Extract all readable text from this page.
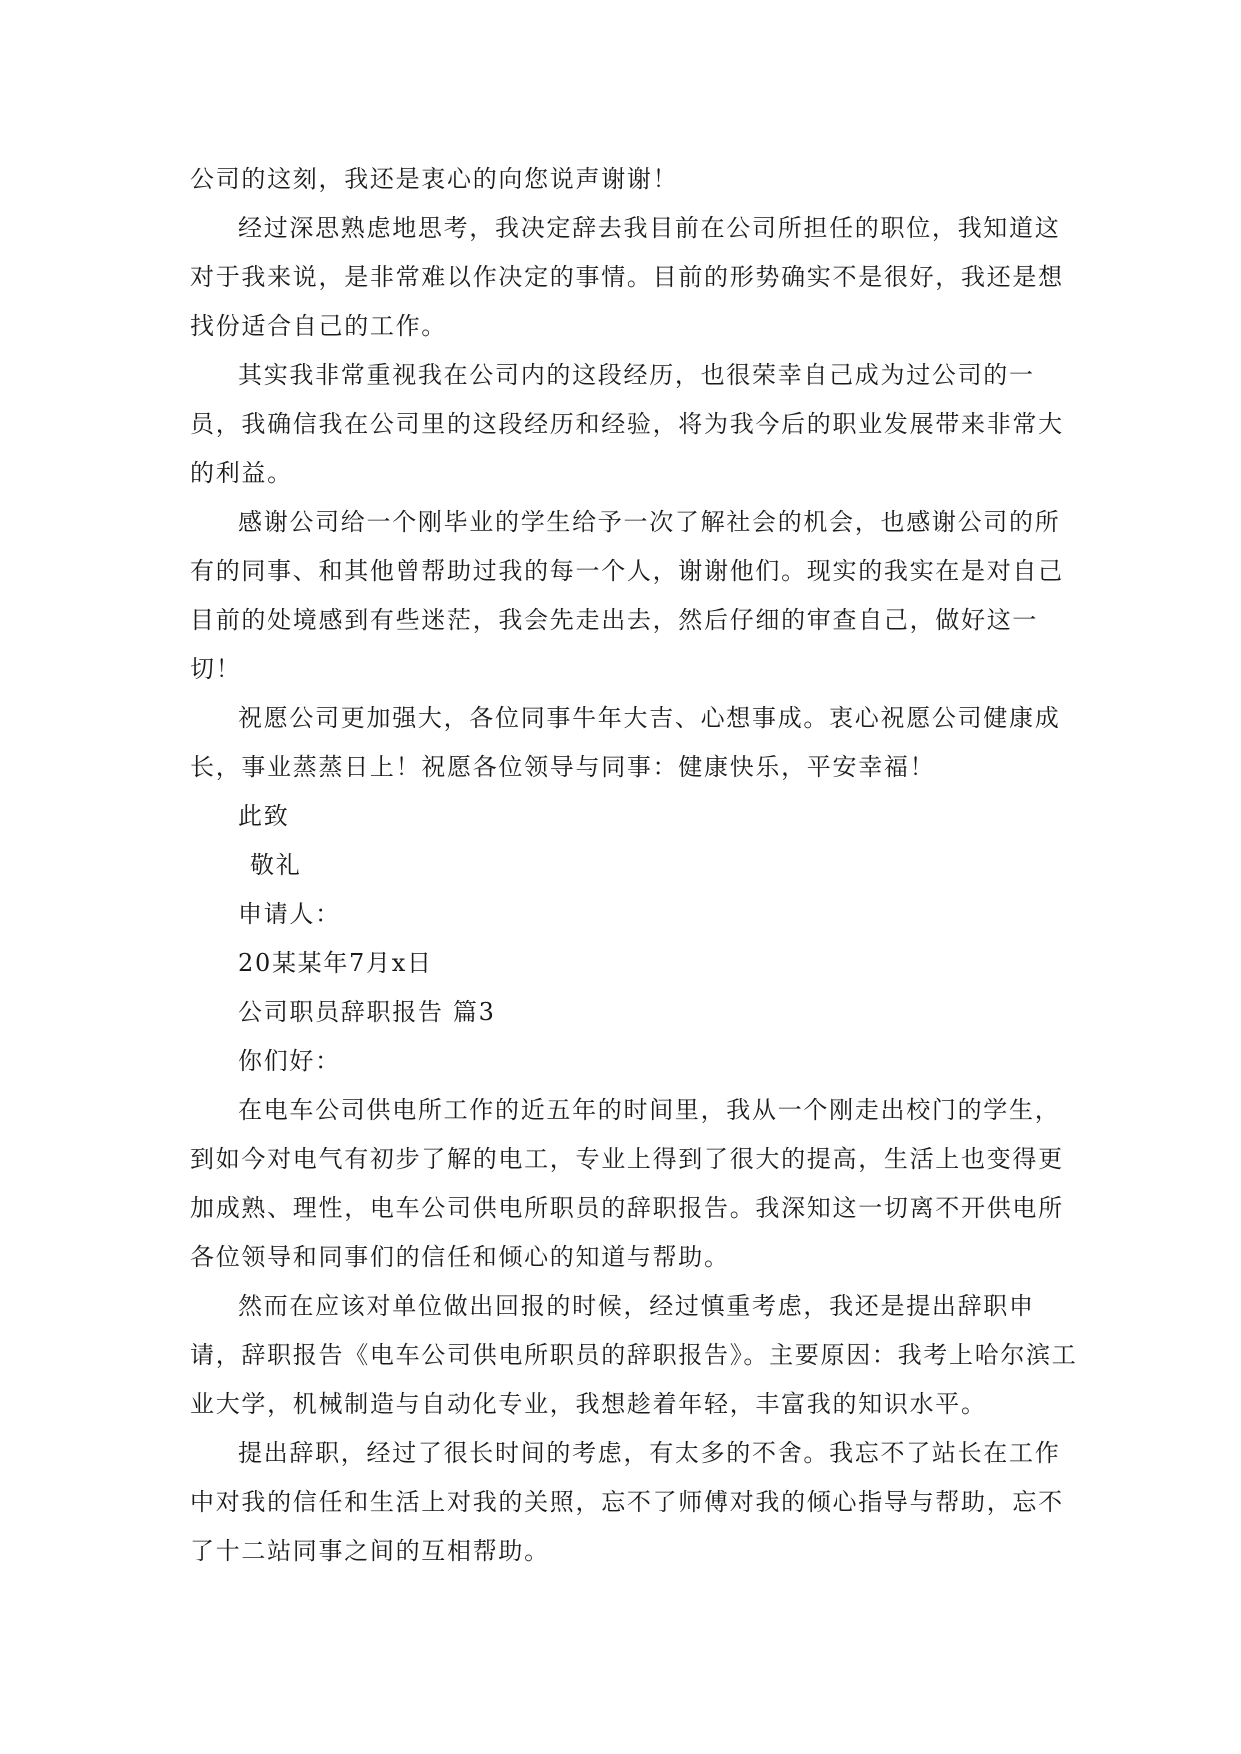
公司的这刻，我还是衷心的向您说声谢谢！
经过深思熟虑地思考，我决定辞去我目前在公司所担任的职位，我知道这
对于我来说，是非常难以作决定的事情。目前的形势确实不是很好，我还是想
找份适合自己的工作。
其实我非常重视我在公司内的这段经历，也很荣幸自己成为过公司的一
员，我确信我在公司里的这段经历和经验，将为我今后的职业发展带来非常大
的利益。
感谢公司给一个刚毕业的学生给予一次了解社会的机会，也感谢公司的所
有的同事、和其他曾帮助过我的每一个人，谢谢他们。现实的我实在是对自己
目前的处境感到有些迷茫，我会先走出去，然后仔细的审查自己，做好这一
切！
祝愿公司更加强大，各位同事牛年大吉、心想事成。衷心祝愿公司健康成
长，事业蒸蒸日上！祝愿各位领导与同事：健康快乐，平安幸福！
此致
敬礼
申请人：
20某某年7月x日
公司职员辞职报告 篇3
你们好：
在电车公司供电所工作的近五年的时间里，我从一个刚走出校门的学生，
到如今对电气有初步了解的电工，专业上得到了很大的提高，生活上也变得更
加成熟、理性，电车公司供电所职员的辞职报告。我深知这一切离不开供电所
各位领导和同事们的信任和倾心的知道与帮助。
然而在应该对单位做出回报的时候，经过慎重考虑，我还是提出辞职申
请，辞职报告《电车公司供电所职员的辞职报告》。主要原因：我考上哈尔滨工
业大学，机械制造与自动化专业，我想趁着年轻，丰富我的知识水平。
提出辞职，经过了很长时间的考虑，有太多的不舍。我忘不了站长在工作
中对我的信任和生活上对我的关照，忘不了师傅对我的倾心指导与帮助，忘不
了十二站同事之间的互相帮助。
